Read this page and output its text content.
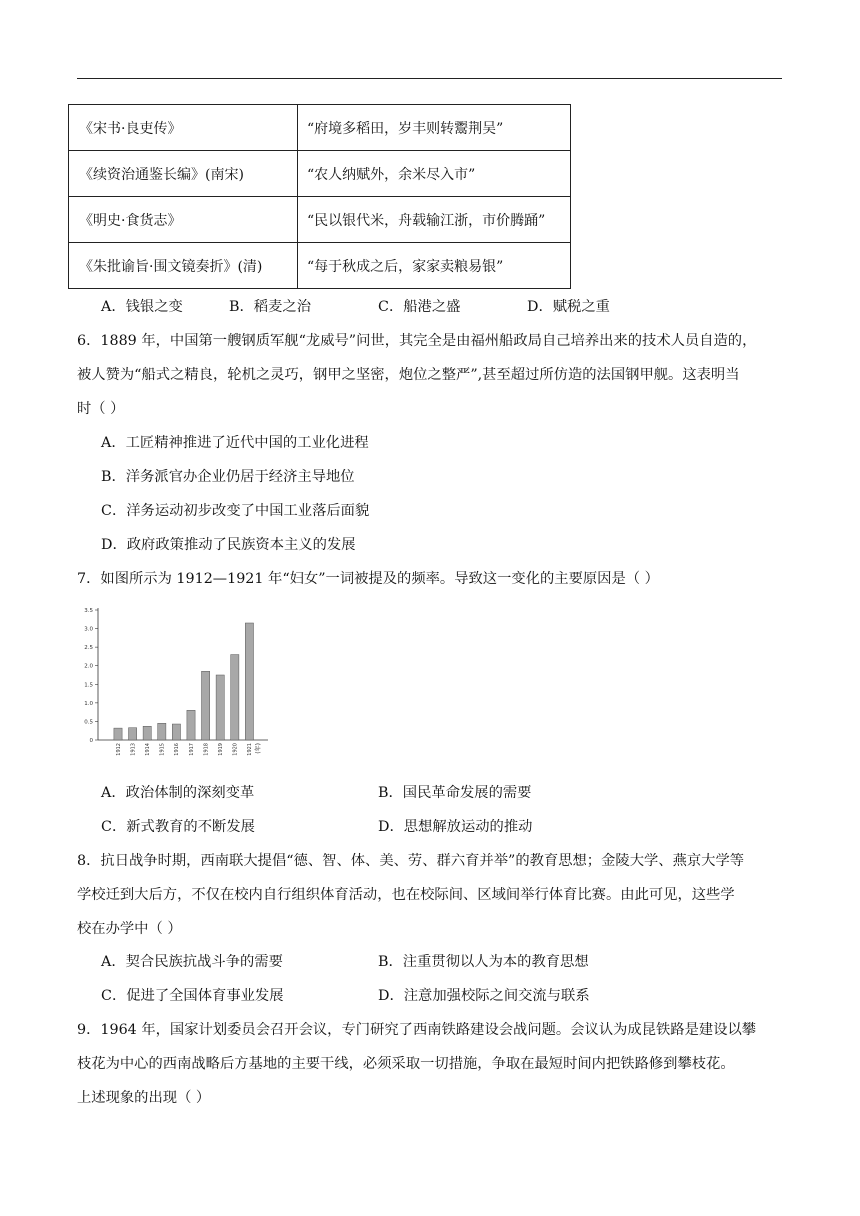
《宋书·良吏传》	“府境多稻田，岁丰则转鬻荆吴”
《续资治通鉴长编》(南宋)	“农人纳赋外，余米尽入市”
《明史·食货志》	“民以银代米，舟载输江浙，市价腾踊”
《朱批谕旨·围文镜奏折》(清)	“每于秋成之后，家家卖粮易银”
A．钱银之变	B．稻麦之治	C．船港之盛	D．赋税之重
6．1889 年，中国第一艘钢质军舰“龙威号”问世，其完全是由福州船政局自己培养出来的技术人员自造的，
被人赞为“船式之精良，轮机之灵巧，钢甲之坚密，炮位之整严”,甚至超过所仿造的法国钢甲舰。这表明当
时（ ）
A．工匠精神推进了近代中国的工业化进程
B．洋务派官办企业仍居于经济主导地位
C．洋务运动初步改变了中国工业落后面貌
D．政府政策推动了民族资本主义的发展
7．如图所示为 1912—1921 年“妇女”一词被提及的频率。导致这一变化的主要原因是（ ）
0
0.5
1.0
1.5
2.0
2.5
3.0
3.5
1912 1913 1914 1915 1916 1917 1918 1919 1920 1921 (年)
A．政治体制的深刻变革	B．国民革命发展的需要
C．新式教育的不断发展	D．思想解放运动的推动
8．抗日战争时期，西南联大提倡“德、智、体、美、劳、群六育并举”的教育思想；金陵大学、燕京大学等
学校迁到大后方，不仅在校内自行组织体育活动，也在校际间、区域间举行体育比赛。由此可见，这些学
校在办学中（ ）
A．契合民族抗战斗争的需要	B．注重贯彻以人为本的教育思想
C．促进了全国体育事业发展	D．注意加强校际之间交流与联系
9．1964 年，国家计划委员会召开会议，专门研究了西南铁路建设会战问题。会议认为成昆铁路是建设以攀
枝花为中心的西南战略后方基地的主要干线，必须采取一切措施，争取在最短时间内把铁路修到攀枝花。
上述现象的出现（ ）
